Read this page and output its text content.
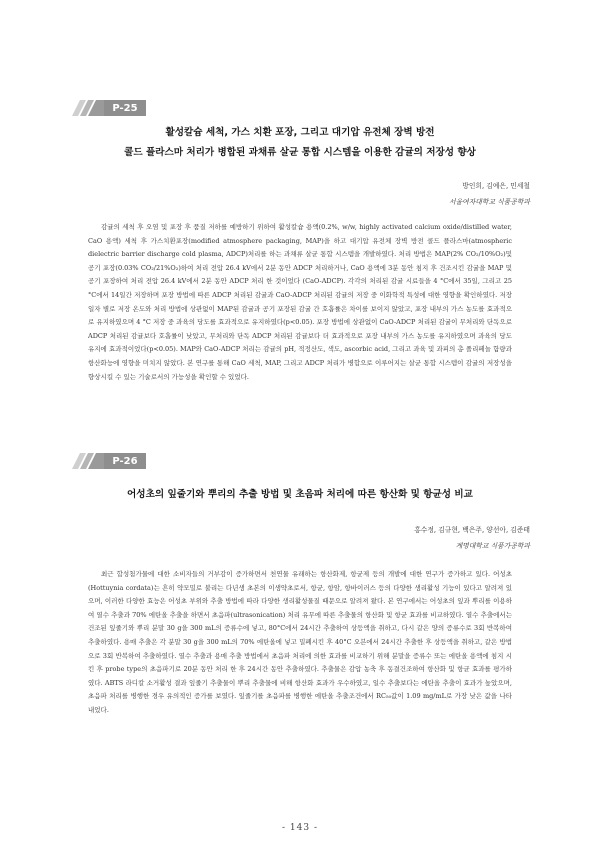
P-25
활성칼슘 세척, 가스 치환 포장, 그리고 대기압 유전체 장벽 방전
콜드 플라스마 처리가 병합된 과채류 살균 통합 시스템을 이용한 감귤의 저장성 향상
방인희, 김예은, 민세철
서울여자대학교 식품공학과

감귤의 세척 후 오염 및 포장 후 품질 저하를 예방하기 위하여 활성칼슘 용액(0.2%, w/w, highly activated calcium oxide/distilled water, CaO 용액) 세척 후 가스치환포장(modified atmosphere packaging, MAP)을 하고 대기압 유전체 장벽 방전 콜드 플라스마(atmospheric dielectric barrier discharge cold plasma, ADCP)처리를 하는 과채류 살균 통합 시스템을 개발하였다. 처리 방법은 MAP(2% CO₂/10%O₂)및 공기 포장(0.03% CO₂/21%O₂)하여 처리 전압 26.4 kV에서 2분 동안 ADCP 처리하거나, CaO 용액에 3분 동안 침지 후 건조시킨 감귤을 MAP 및 공기 포장하여 처리 전압 26.4 kV에서 2분 동안 ADCP 처리 한 것이었다 (CaO-ADCP). 각각의 처리된 감귤 시료들을 4 °C에서 35일, 그리고 25 °C에서 14일간 저장하며 포장 방법에 따른 ADCP 처리된 감귤과 CaO-ADCP 처리된 감귤의 저장 중 이화학적 특성에 대한 영향을 확인하였다. 저장 일자 별로 저장 온도와 처리 방법에 상관없이 MAP된 감귤과 공기 포장된 감귤 간 호흡률은 차이를 보이지 않았고, 포장 내부의 가스 농도를 효과적으로 유지하였으며 4 °C 저장 중 과육의 당도를 효과적으로 유지하였다(p<0.05). 포장 방법에 상관없이 CaO-ADCP 처리된 감귤이 무처리와 단독으로 ADCP 처리된 감귤보다 호흡률이 낮았고, 무처리와 단독 ADCP 처리된 감귤보다 더 효과적으로 포장 내부의 가스 농도를 유지하였으며 과육의 당도 유지에 효과적이었다(p<0.05). MAP와 CaO-ADCP 처리는 감귤의 pH, 적정산도, 색도, ascorbic acid, 그리고 과육 및 과피의 총 폴리페놀 함량과 항산화능에 영향을 미치지 않았다. 본 연구를 통해 CaO 세척, MAP, 그리고 ADCP 처리가 병합으로 이루어지는 살균 통합 시스템이 감귤의 저장성을 향상시킬 수 있는 기술로서의 가능성을 확인할 수 있었다.

P-26
어성초의 잎줄기와 뿌리의 추출 방법 및 초음파 처리에 따른 항산화 및 항균성 비교
홍수정, 김규현, 백은주, 양선아, 김준태
계명대학교 식품가공학과

최근 합성첨가물에 대한 소비자들의 거부감이 증가하면서 천연물 유래하는 항산화제, 항균제 등의 개발에 대한 연구가 증가하고 있다. 어성초(Hottuynia cordata)는 흔히 약모밀로 불리는 다년생 초본의 이생약초로서, 항균, 항암, 항바이러스 등의 다양한 생리활성 기능이 있다고 알려져 있으며, 이러한 다양한 효능은 어성초 부위와 추출 방법에 따라 다양한 생리활성물질 때문으로 알려져 왔다. 본 연구에서는 어성초의 잎과 뿌리를 이용하여 열수 추출과 70% 에탄올 추출을 하면서 초음파(ultrasonication) 처리 유무에 따른 추출물의 항산화 및 항균 효과를 비교하였다. 열수 추출에서는 건조된 잎줄기와 뿌리 분말 30 g을 300 mL의 증류수에 넣고, 80°C에서 24시간 추출하여 상등액을 취하고, 다시 같은 양의 증류수로 3회 반복하여 추출하였다. 용매 추출은 각 분말 30 g을 300 mL의 70% 에탄올에 넣고 밀폐시킨 후 40°C 오븐에서 24시간 추출한 후 상등액을 취하고, 같은 방법으로 3회 반복하여 추출하였다. 열수 추출과 용매 추출 방법에서 초음파 처리에 의한 효과를 비교하기 위해 분말을 증류수 또는 에탄올 용액에 침지 시킨 후 probe type의 초음파기로 20분 동안 처리 한 후 24시간 동안 추출하였다. 추출물은 감압 농축 후 동결건조하여 항산화 및 항균 효과를 평가하였다. ABTS 라디칼 소거활성 결과 잎줄기 추출물이 뿌리 추출물에 비해 항산화 효과가 우수하였고, 일수 추출보다는 에탄올 추출이 효과가 높았으며, 초음파 처리를 병행한 경우 유의적인 증가를 보였다. 잎줄기를 초음파를 병행한 에탄올 추출조건에서 RC₅₀값이 1.09 mg/mL로 가장 낮은 값을 나타내었다.

- 143 -
